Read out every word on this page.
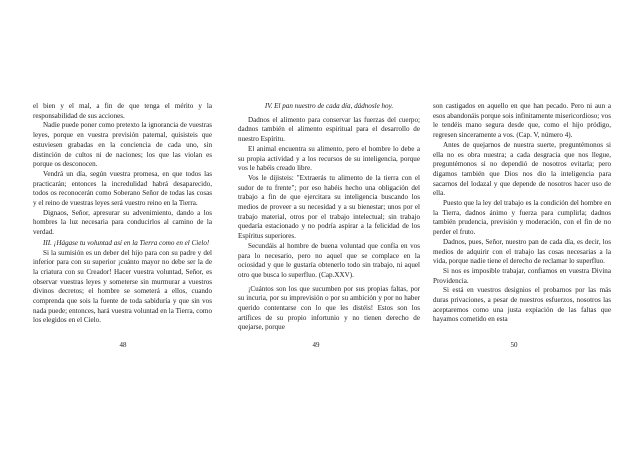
el bien y el mal, a fin de que tenga el mérito y la responsabilidad de sus acciones.

Nadie puede poner como pretexto la ignorancia de vuestras leyes, porque en vuestra previsión paternal, quisisteis que estuviesen grabadas en la conciencia de cada uno, sin distinción de cultos ni de naciones; los que las violan es porque os desconocen.

Vendrá un día, según vuestra promesa, en que todos las practicarán; entonces la incredulidad habrá desaparecido, todos os reconocerán como Soberano Señor de todas las cosas y el reino de vuestras leyes será vuestro reino en la Tierra.

Dignaos, Señor, apresurar su advenimiento, dando a los hombres la luz necesaria para conducirlos al camino de la verdad.

III. ¡Hágase tu voluntad así en la Tierra como en el Cielo!

Si la sumisión es un deber del hijo para con su padre y del inferior para con su superior ¡cuánto mayor no debe ser la de la criatura con su Creador! Hacer vuestra voluntad, Señor, es observar vuestras leyes y someterse sin murmurar a vuestros divinos decretos; el hombre se someterá a ellos, cuando comprenda que sois la fuente de toda sabiduría y que sin vos nada puede; entonces, hará vuestra voluntad en la Tierra, como los elegidos en el Cielo.

IV. El pan nuestro de cada día, dádnosle hoy.

Dadnos el alimento para conservar las fuerzas del cuerpo; dadnos también el alimento espiritual para el desarrollo de nuestro Espíritu.

El animal encuentra su alimento, pero el hombre lo debe a su propia actividad y a los recursos de su inteligencia, porque vos le habéis creado libre.

Vos le dijisteis: "Extraerás tu alimento de la tierra con el sudor de tu frente"; por eso habéis hecho una obligación del trabajo a fin de que ejercitara su inteligencia buscando los medios de proveer a su necesidad y a su bienestar; unos por el trabajo material, otros por el trabajo intelectual; sin trabajo quedaría estacionado y no podría aspirar a la felicidad de los Espíritus superiores.

Secundáis al hombre de buena voluntad que confía en vos para lo necesario, pero no aquel que se complace en la ociosidad y que le gustaría obtenerlo todo sin trabajo, ni aquel otro que busca lo superfluo. (Cap.XXV).

¡Cuántos son los que sucumben por sus propias faltas, por su incuria, por su imprevisión o por su ambición y por no haber querido contentarse con lo que les distéis! Estos son los artífices de su propio infortunio y no tienen derecho de quejarse, porque

son castigados en aquello en que han pecado. Pero ni aun a esos abandonáis porque sois infinitamente misericordioso; vos le tendéis mano segura desde que, como el hijo pródigo, regresen sinceramente a vos. (Cap. V, número 4).

Antes de quejarnos de nuestra suerte, preguntémonos si ella no es obra nuestra; a cada desgracia que nos llegue, preguntémonos si no dependió de nosotros evitarla; pero digamos también que Dios nos dio la inteligencia para sacarnos del lodazal y que depende de nosotros hacer uso de ella.

Puesto que la ley del trabajo es la condición del hombre en la Tierra, dadnos ánimo y fuerza para cumplirla; dadnos también prudencia, previsión y moderación, con el fin de no perder el fruto.

Dadnos, pues, Señor, nuestro pan de cada día, es decir, los medios de adquirir con el trabajo las cosas necesarias a la vida, porque nadie tiene el derecho de reclamar lo superfluo.

Si nos es imposible trabajar, confiamos en vuestra Divina Providencia.

Si está en vuestros designios el probarnos por las más duras privaciones, a pesar de nuestros esfuerzos, nosotros las aceptaremos como una justa expiación de las faltas que hayamos cometido en esta

48	49	50
